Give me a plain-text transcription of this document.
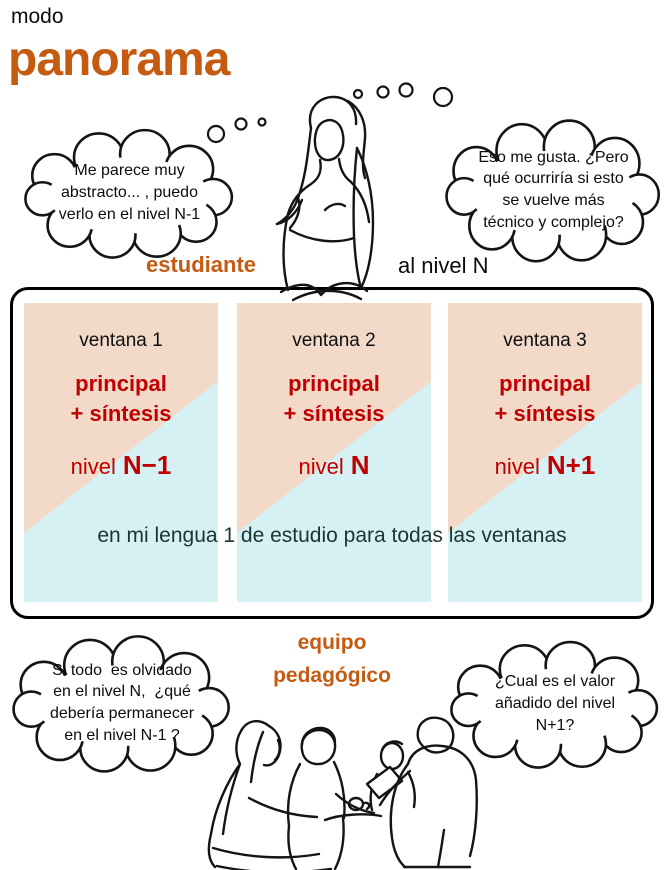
modo
panorama
Me parece muy
abstracto... , puedo
verlo en el nivel N-1
Eso me gusta. ¿Pero
qué ocurriría si esto
se vuelve más
técnico y complejo?
estudiante	al nivel N
ventana 1
principal
+ síntesis
nivel N−1
ventana 2
principal
+ síntesis
nivel N
ventana 3
principal
+ síntesis
nivel N+1
en mi lengua 1 de estudio para todas las ventanas
equipo
pedagógico
Si todo  es olvidado
en el nivel N,  ¿qué
debería permanecer
en el nivel N-1 ?
¿Cual es el valor
añadido del nivel
N+1?
